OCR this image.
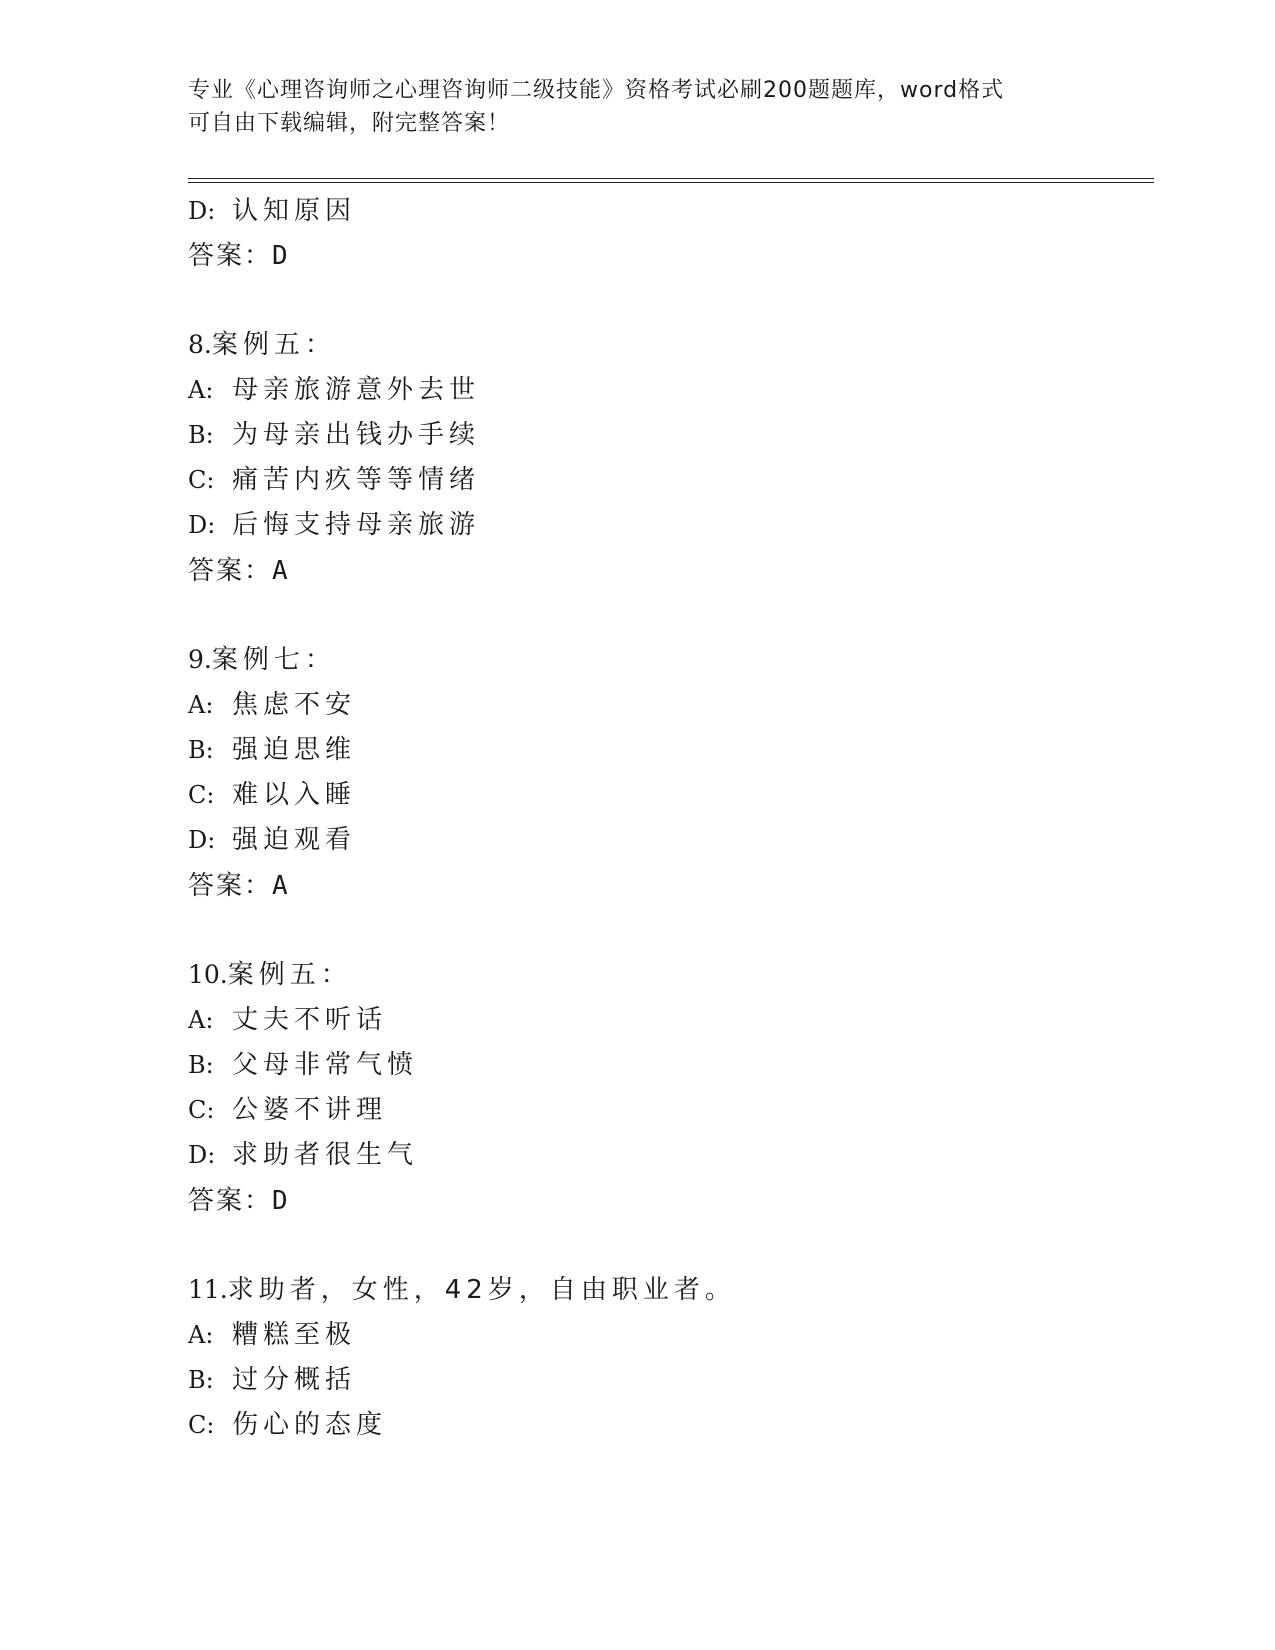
专业《心理咨询师之心理咨询师二级技能》资格考试必刷200题题库，word格式
可自由下载编辑，附完整答案！
D: 认知原因
答案：D
8.案例五：
A: 母亲旅游意外去世
B: 为母亲出钱办手续
C: 痛苦内疚等等情绪
D: 后悔支持母亲旅游
答案：A
9.案例七：
A: 焦虑不安
B: 强迫思维
C: 难以入睡
D: 强迫观看
答案：A
10.案例五：
A: 丈夫不听话
B: 父母非常气愤
C: 公婆不讲理
D: 求助者很生气
答案：D
11.求助者，女性，42岁，自由职业者。
A: 糟糕至极
B: 过分概括
C: 伤心的态度
